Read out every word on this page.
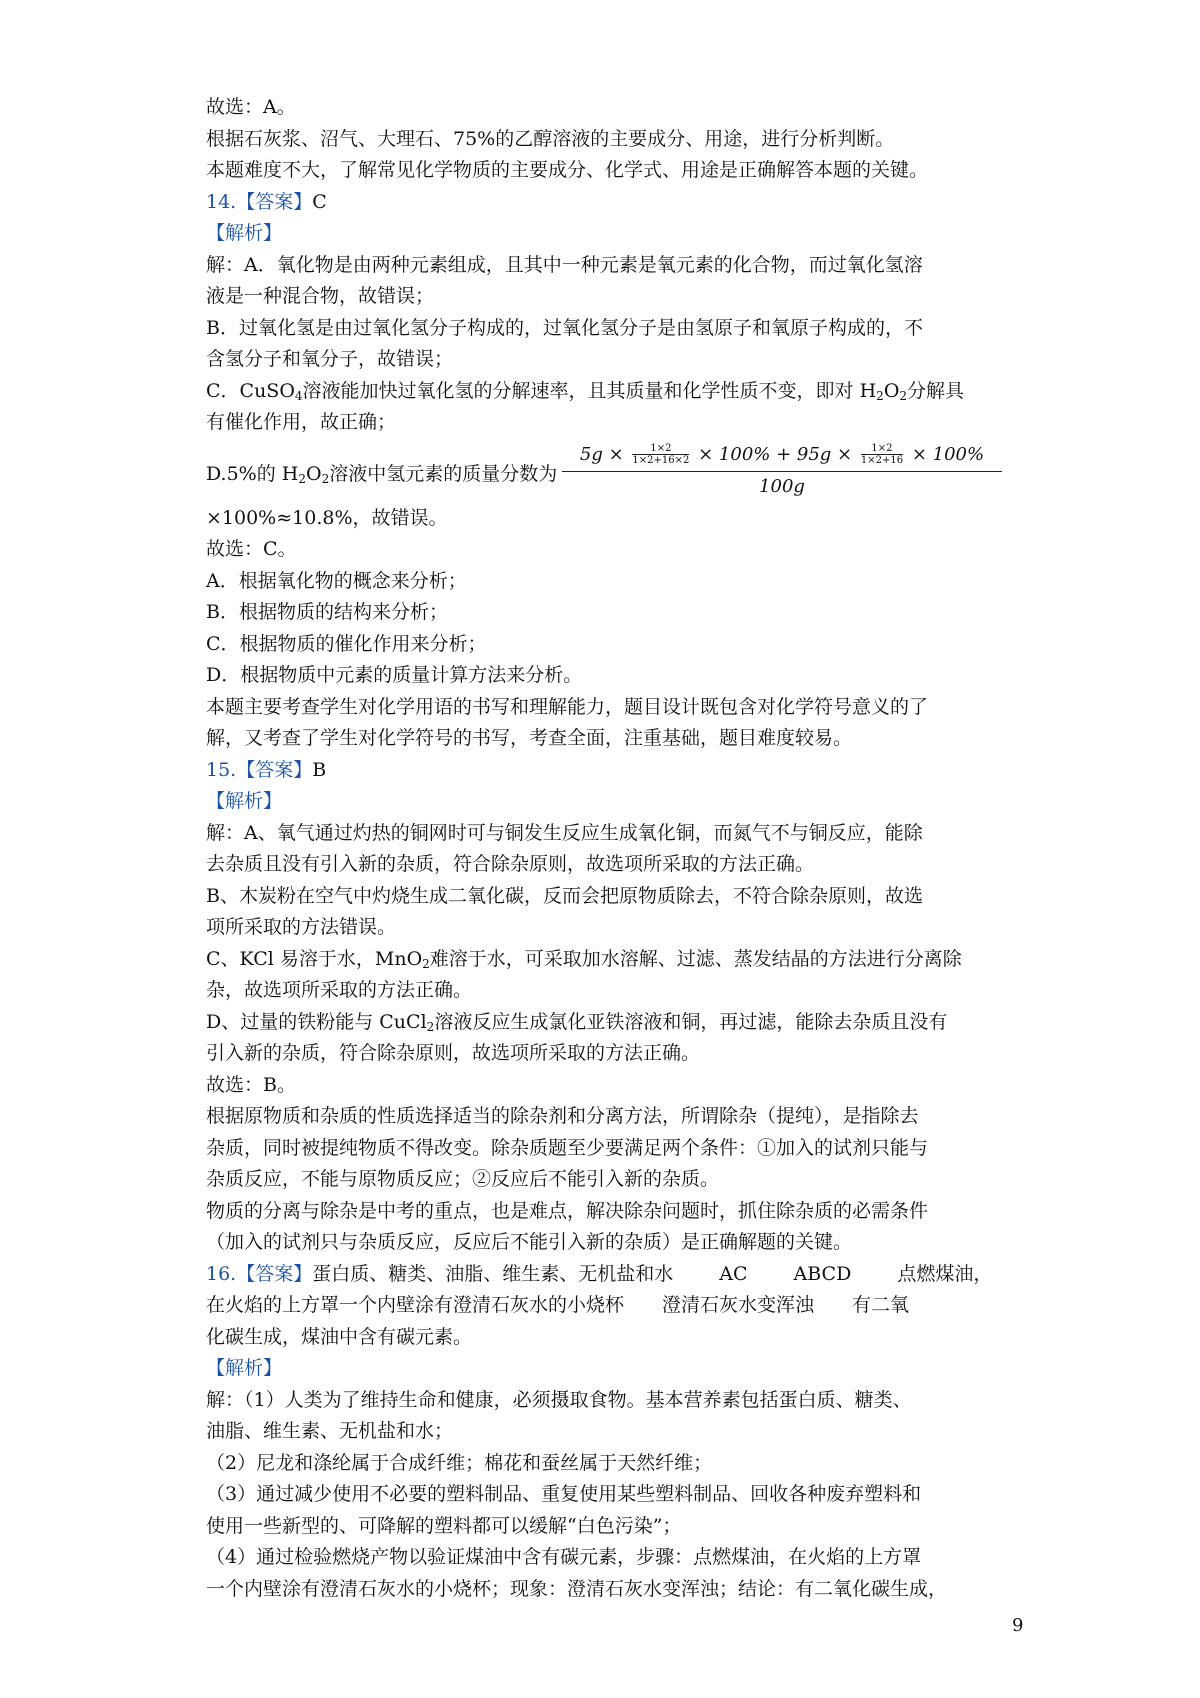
故选：A。
根据石灰浆、沼气、大理石、75%的乙醇溶液的主要成分、用途，进行分析判断。
本题难度不大，了解常见化学物质的主要成分、化学式、用途是正确解答本题的关键。
14.【答案】C
【解析】
解：A．氧化物是由两种元素组成，且其中一种元素是氧元素的化合物，而过氧化氢溶
液是一种混合物，故错误；
B．过氧化氢是由过氧化氢分子构成的，过氧化氢分子是由氢原子和氧原子构成的，不
含氢分子和氧分子，故错误；
C．CuSO$_4$溶液能加快过氧化氢的分解速率，且其质量和化学性质不变，即对 $H_2O_2$分解具
有催化作用，故正确；
D.5%的 $H_2O_2$溶液中氢元素的质量分数为
$5g \times \frac{1\times 2}{1\times 2+16\times 2} \times 100\% + 95g \times \frac{1\times 2}{1\times 2+16} \times 100\%$
100g
×100%≈10.8%，故错误。
故选：C。
A．根据氧化物的概念来分析；
B．根据物质的结构来分析；
C．根据物质的催化作用来分析；
D．根据物质中元素的质量计算方法来分析。
本题主要考查学生对化学用语的书写和理解能力，题目设计既包含对化学符号意义的了
解，又考查了学生对化学符号的书写，考查全面，注重基础，题目难度较易。
15.【答案】B
【解析】
解：A、氧气通过灼热的铜网时可与铜发生反应生成氧化铜，而氮气不与铜反应，能除
去杂质且没有引入新的杂质，符合除杂原则，故选项所采取的方法正确。
B、木炭粉在空气中灼烧生成二氧化碳，反而会把原物质除去，不符合除杂原则，故选
项所采取的方法错误。
C、KCl 易溶于水，MnO$_2$难溶于水，可采取加水溶解、过滤、蒸发结晶的方法进行分离除
杂，故选项所采取的方法正确。
D、过量的铁粉能与 CuCl$_2$溶液反应生成氯化亚铁溶液和铜，再过滤，能除去杂质且没有
引入新的杂质，符合除杂原则，故选项所采取的方法正确。
故选：B。
根据原物质和杂质的性质选择适当的除杂剂和分离方法，所谓除杂（提纯），是指除去
杂质，同时被提纯物质不得改变。除杂质题至少要满足两个条件：①加入的试剂只能与
杂质反应，不能与原物质反应；②反应后不能引入新的杂质。
物质的分离与除杂是中考的重点，也是难点，解决除杂问题时，抓住除杂质的必需条件
（加入的试剂只与杂质反应，反应后不能引入新的杂质）是正确解题的关键。
16.【答案】蛋白质、糖类、油脂、维生素、无机盐和水 AC ABCD 点燃煤油，
在火焰的上方罩一个内壁涂有澄清石灰水的小烧杯 澄清石灰水变浑浊 有二氧
化碳生成，煤油中含有碳元素。
【解析】
解：（1）人类为了维持生命和健康，必须摄取食物。基本营养素包括蛋白质、糖类、
油脂、维生素、无机盐和水；
（2）尼龙和涤纶属于合成纤维；棉花和蚕丝属于天然纤维；
（3）通过减少使用不必要的塑料制品、重复使用某些塑料制品、回收各种废弃塑料和
使用一些新型的、可降解的塑料都可以缓解“白色污染”；
（4）通过检验燃烧产物以验证煤油中含有碳元素，步骤：点燃煤油，在火焰的上方罩
一个内壁涂有澄清石灰水的小烧杯；现象：澄清石灰水变浑浊；结论：有二氧化碳生成，
9
